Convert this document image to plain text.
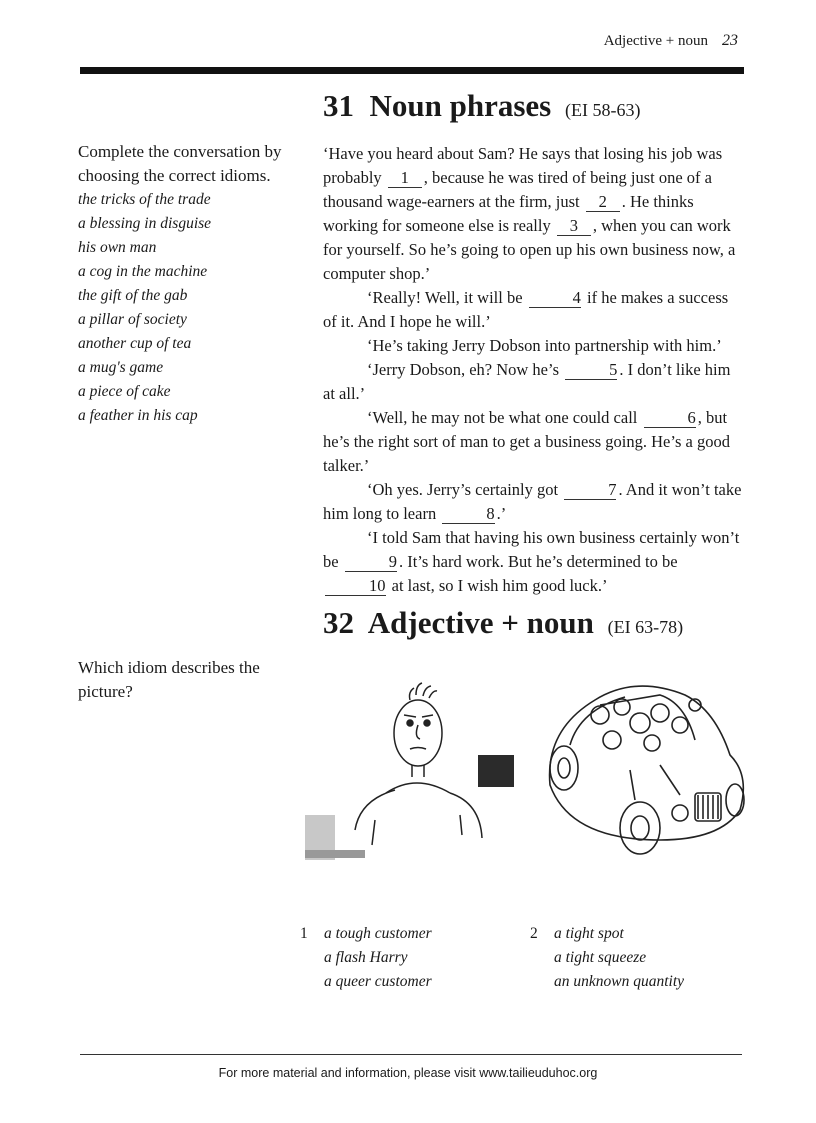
Adjective + noun 23
31 Noun phrases (EI 58-63)
Complete the conversation by choosing the correct idioms.
the tricks of the trade
a blessing in disguise
his own man
a cog in the machine
the gift of the gab
a pillar of society
another cup of tea
a mug's game
a piece of cake
a feather in his cap

‘Have you heard about Sam? He says that losing his job was probably 1 , because he was tired of being just one of a thousand wage-earners at the firm, just 2 . He thinks working for someone else is really 3 , when you can work for yourself. So he’s going to open up his own business now, a computer shop.’

‘Really! Well, it will be	4 if he makes a success of it. And I hope he will.’

‘He’s taking Jerry Dobson into partnership with him.’

‘Jerry Dobson, eh? Now he’s	5 . I don’t like him at all.’

‘Well, he may not be what one could call	6 , but he’s the right sort of man to get a business going. He’s a good talker.’

‘Oh yes. Jerry’s certainly got	7 . And it won’t take him long to learn	8 .’

‘I told Sam that having his own business certainly won’t be	9 . It’s hard work. But he’s determined to be 10 at last, so I wish him good luck.’

32 Adjective + noun (EI 63-78)
Which idiom describes the picture?
1 a tough customer
a flash Harry
a queer customer
2 a tight spot
a tight squeeze
an unknown quantity
For more material and information, please visit www.tailieuduhoc.org
